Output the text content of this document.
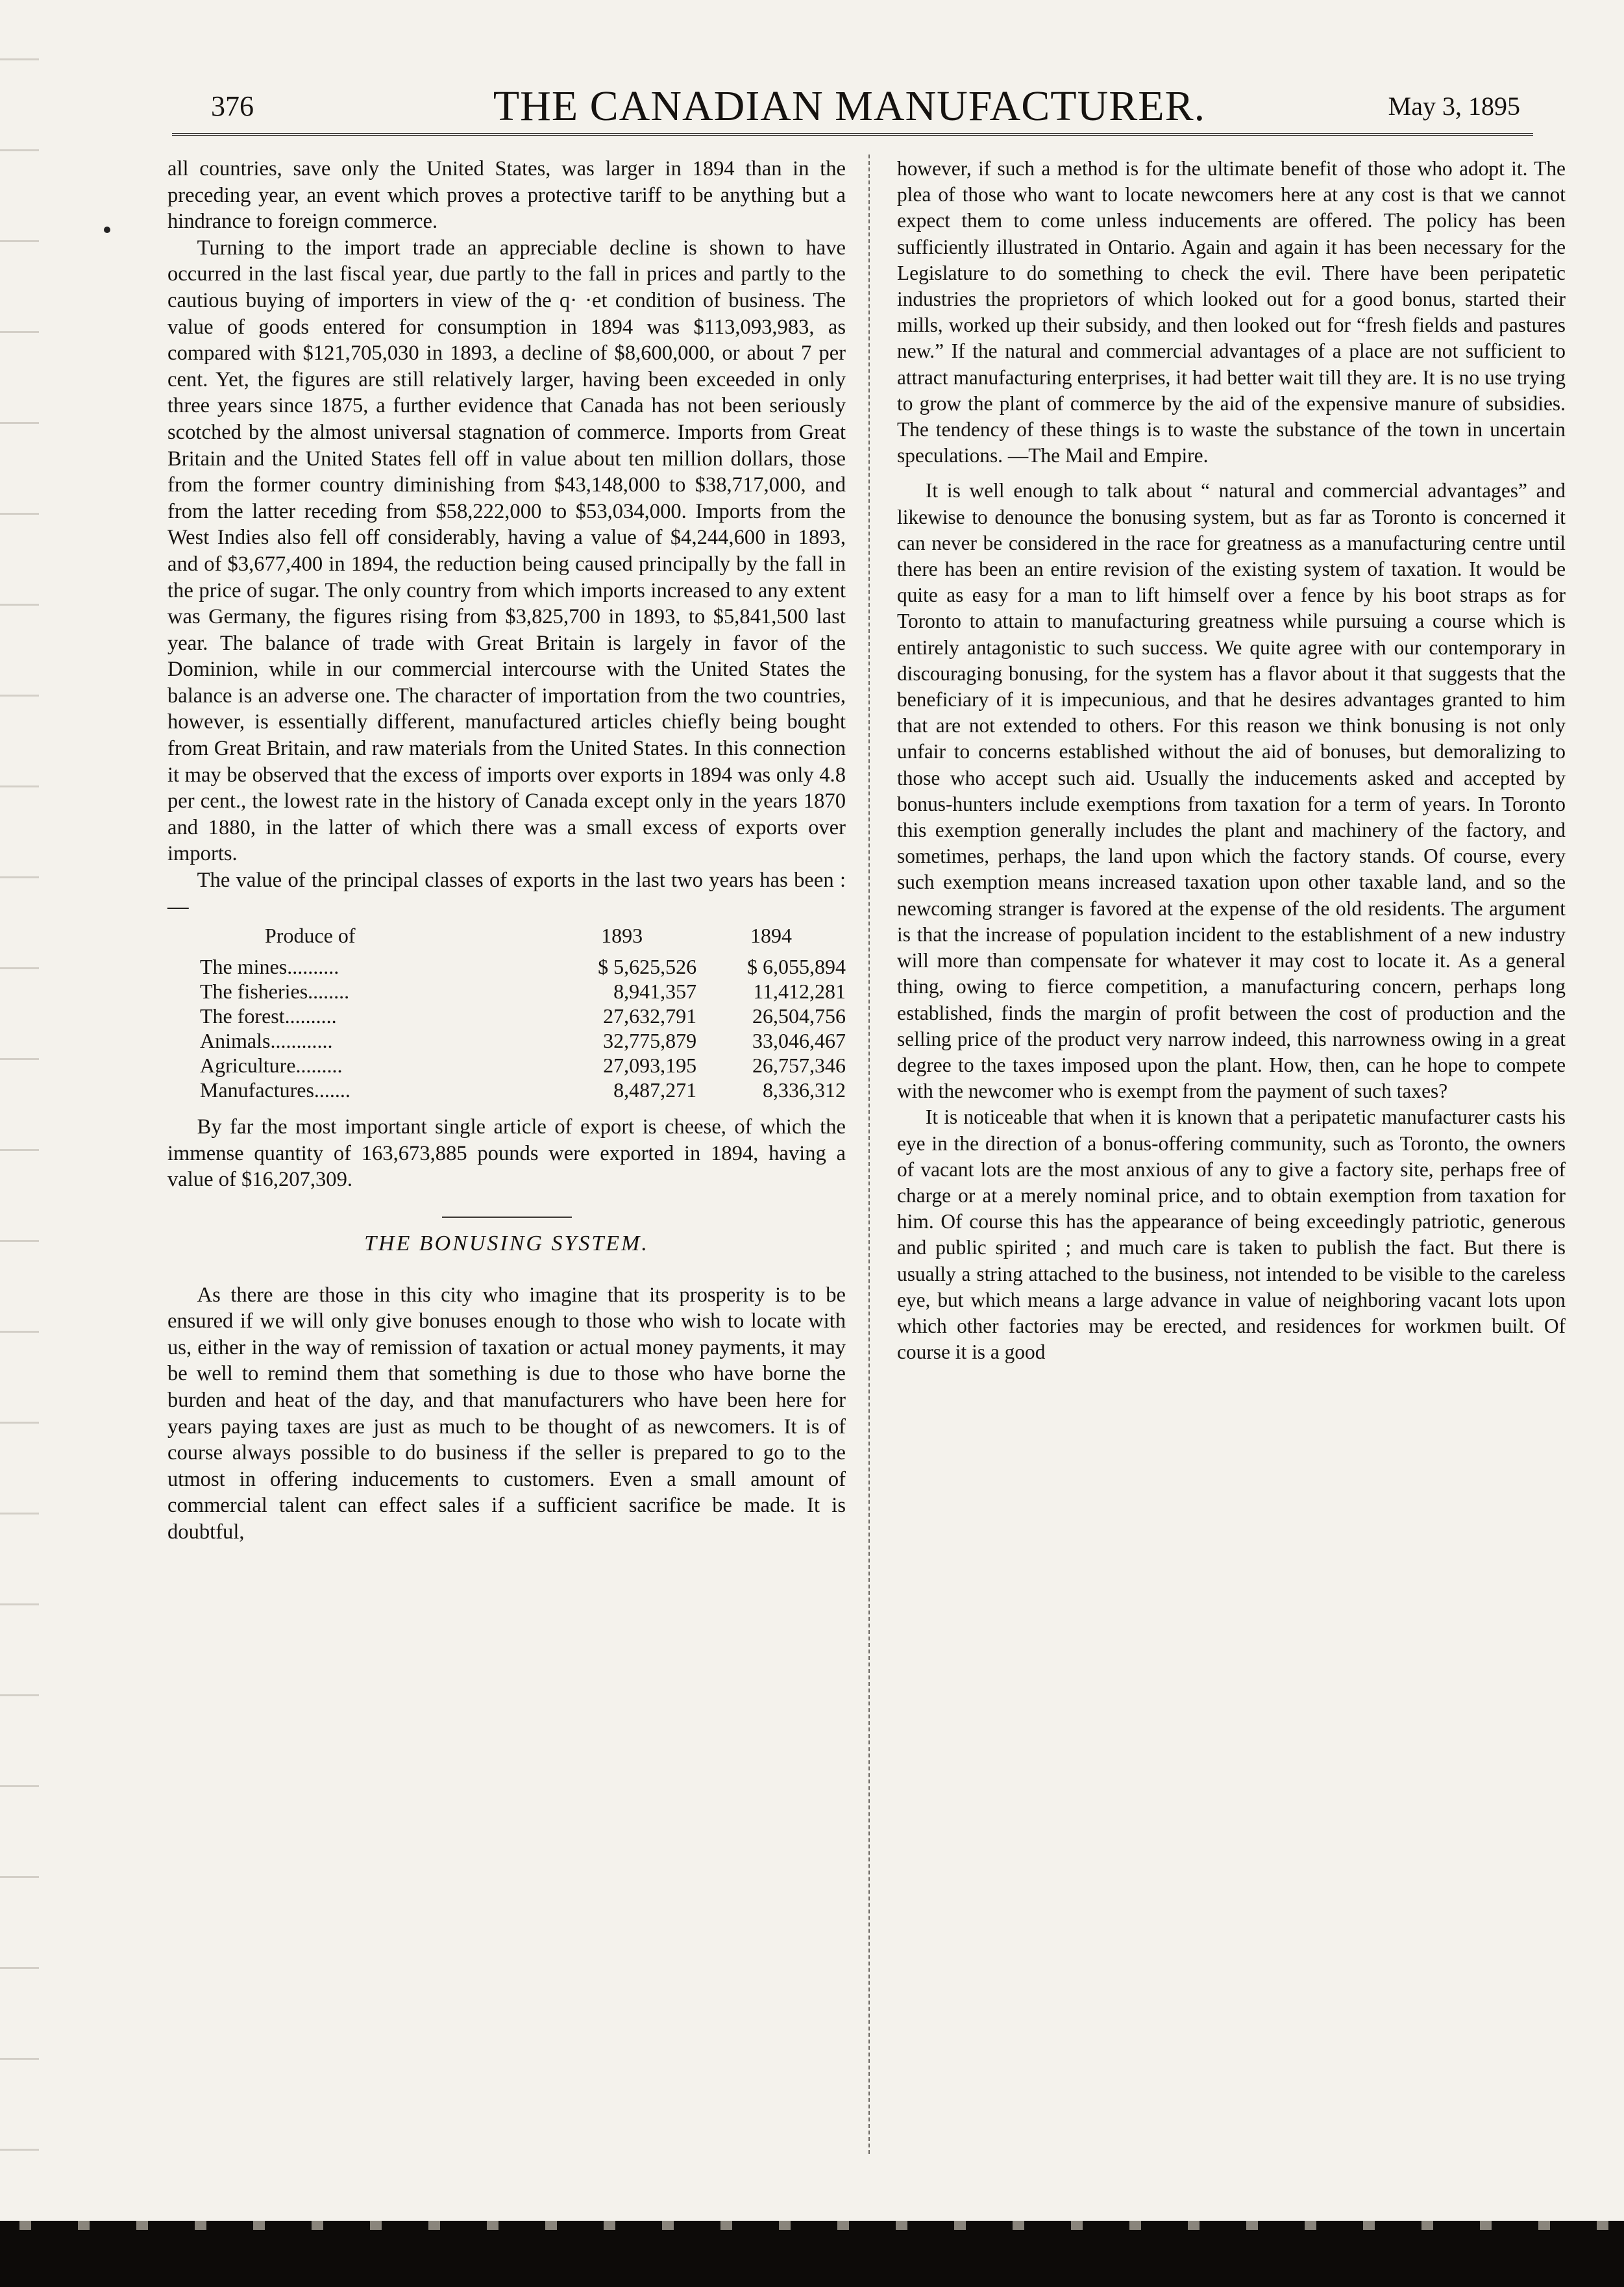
376	THE CANADIAN MANUFACTURER.	May 3, 1895

all countries, save only the United States, was larger in 1894 than in the preceding year, an event which proves a protective tariff to be anything but a hindrance to foreign commerce.

Turning to the import trade an appreciable decline is shown to have occurred in the last fiscal year, due partly to the fall in prices and partly to the cautious buying of importers in view of the q· ·et condition of business. The value of goods entered for consumption in 1894 was $113,093,983, as compared with $121,705,030 in 1893, a decline of $8,600,000, or about 7 per cent. Yet, the figures are still relatively larger, having been exceeded in only three years since 1875, a further evidence that Canada has not been seriously scotched by the almost universal stagnation of commerce. Imports from Great Britain and the United States fell off in value about ten million dollars, those from the former country diminishing from $43,148,000 to $38,717,000, and from the latter receding from $58,222,000 to $53,034,000. Imports from the West Indies also fell off considerably, having a value of $4,244,600 in 1893, and of $3,677,400 in 1894, the reduction being caused principally by the fall in the price of sugar. The only country from which imports increased to any extent was Germany, the figures rising from $3,825,700 in 1893, to $5,841,500 last year. The balance of trade with Great Britain is largely in favor of the Dominion, while in our commercial intercourse with the United States the balance is an adverse one. The character of importation from the two countries, however, is essentially different, manufactured articles chiefly being bought from Great Britain, and raw materials from the United States. In this connection it may be observed that the excess of imports over exports in 1894 was only 4.8 per cent., the lowest rate in the history of Canada except only in the years 1870 and 1880, in the latter of which there was a small excess of exports over imports.

The value of the principal classes of exports in the last two years has been :—

Produce of	1893	1894
The mines..........	$ 5,625,526	$ 6,055,894
The fisheries........	8,941,357	11,412,281
The forest..........	27,632,791	26,504,756
Animals............	32,775,879	33,046,467
Agriculture.........	27,093,195	26,757,346
Manufactures.......	8,487,271	8,336,312

By far the most important single article of export is cheese, of which the immense quantity of 163,673,885 pounds were exported in 1894, having a value of $16,207,309.

THE BONUSING SYSTEM.

As there are those in this city who imagine that its prosperity is to be ensured if we will only give bonuses enough to those who wish to locate with us, either in the way of remission of taxation or actual money payments, it may be well to remind them that something is due to those who have borne the burden and heat of the day, and that manufacturers who have been here for years paying taxes are just as much to be thought of as newcomers. It is of course always possible to do business if the seller is prepared to go to the utmost in offering inducements to customers. Even a small amount of commercial talent can effect sales if a sufficient sacrifice be made. It is doubtful,

however, if such a method is for the ultimate benefit of those who adopt it. The plea of those who want to locate newcomers here at any cost is that we cannot expect them to come unless inducements are offered. The policy has been sufficiently illustrated in Ontario. Again and again it has been necessary for the Legislature to do something to check the evil. There have been peripatetic industries the proprietors of which looked out for a good bonus, started their mills, worked up their subsidy, and then looked out for “fresh fields and pastures new.” If the natural and commercial advantages of a place are not sufficient to attract manufacturing enterprises, it had better wait till they are. It is no use trying to grow the plant of commerce by the aid of the expensive manure of subsidies. The tendency of these things is to waste the substance of the town in uncertain speculations. —The Mail and Empire.

It is well enough to talk about “ natural and commercial advantages” and likewise to denounce the bonusing system, but as far as Toronto is concerned it can never be considered in the race for greatness as a manufacturing centre until there has been an entire revision of the existing system of taxation. It would be quite as easy for a man to lift himself over a fence by his boot straps as for Toronto to attain to manufacturing greatness while pursuing a course which is entirely antagonistic to such success. We quite agree with our contemporary in discouraging bonusing, for the system has a flavor about it that suggests that the beneficiary of it is impecunious, and that he desires advantages granted to him that are not extended to others. For this reason we think bonusing is not only unfair to concerns established without the aid of bonuses, but demoralizing to those who accept such aid. Usually the inducements asked and accepted by bonus-hunters include exemptions from taxation for a term of years. In Toronto this exemption generally includes the plant and machinery of the factory, and sometimes, perhaps, the land upon which the factory stands. Of course, every such exemption means increased taxation upon other taxable land, and so the newcoming stranger is favored at the expense of the old residents. The argument is that the increase of population incident to the establishment of a new industry will more than compensate for whatever it may cost to locate it. As a general thing, owing to fierce competition, a manufacturing concern, perhaps long established, finds the margin of profit between the cost of production and the selling price of the product very narrow indeed, this narrowness owing in a great degree to the taxes imposed upon the plant. How, then, can he hope to compete with the newcomer who is exempt from the payment of such taxes?

It is noticeable that when it is known that a peripatetic manufacturer casts his eye in the direction of a bonus-offering community, such as Toronto, the owners of vacant lots are the most anxious of any to give a factory site, perhaps free of charge or at a merely nominal price, and to obtain exemption from taxation for him. Of course this has the appearance of being exceedingly patriotic, generous and public spirited ; and much care is taken to publish the fact. But there is usually a string attached to the business, not intended to be visible to the careless eye, but which means a large advance in value of neighboring vacant lots upon which other factories may be erected, and residences for workmen built. Of course it is a good
